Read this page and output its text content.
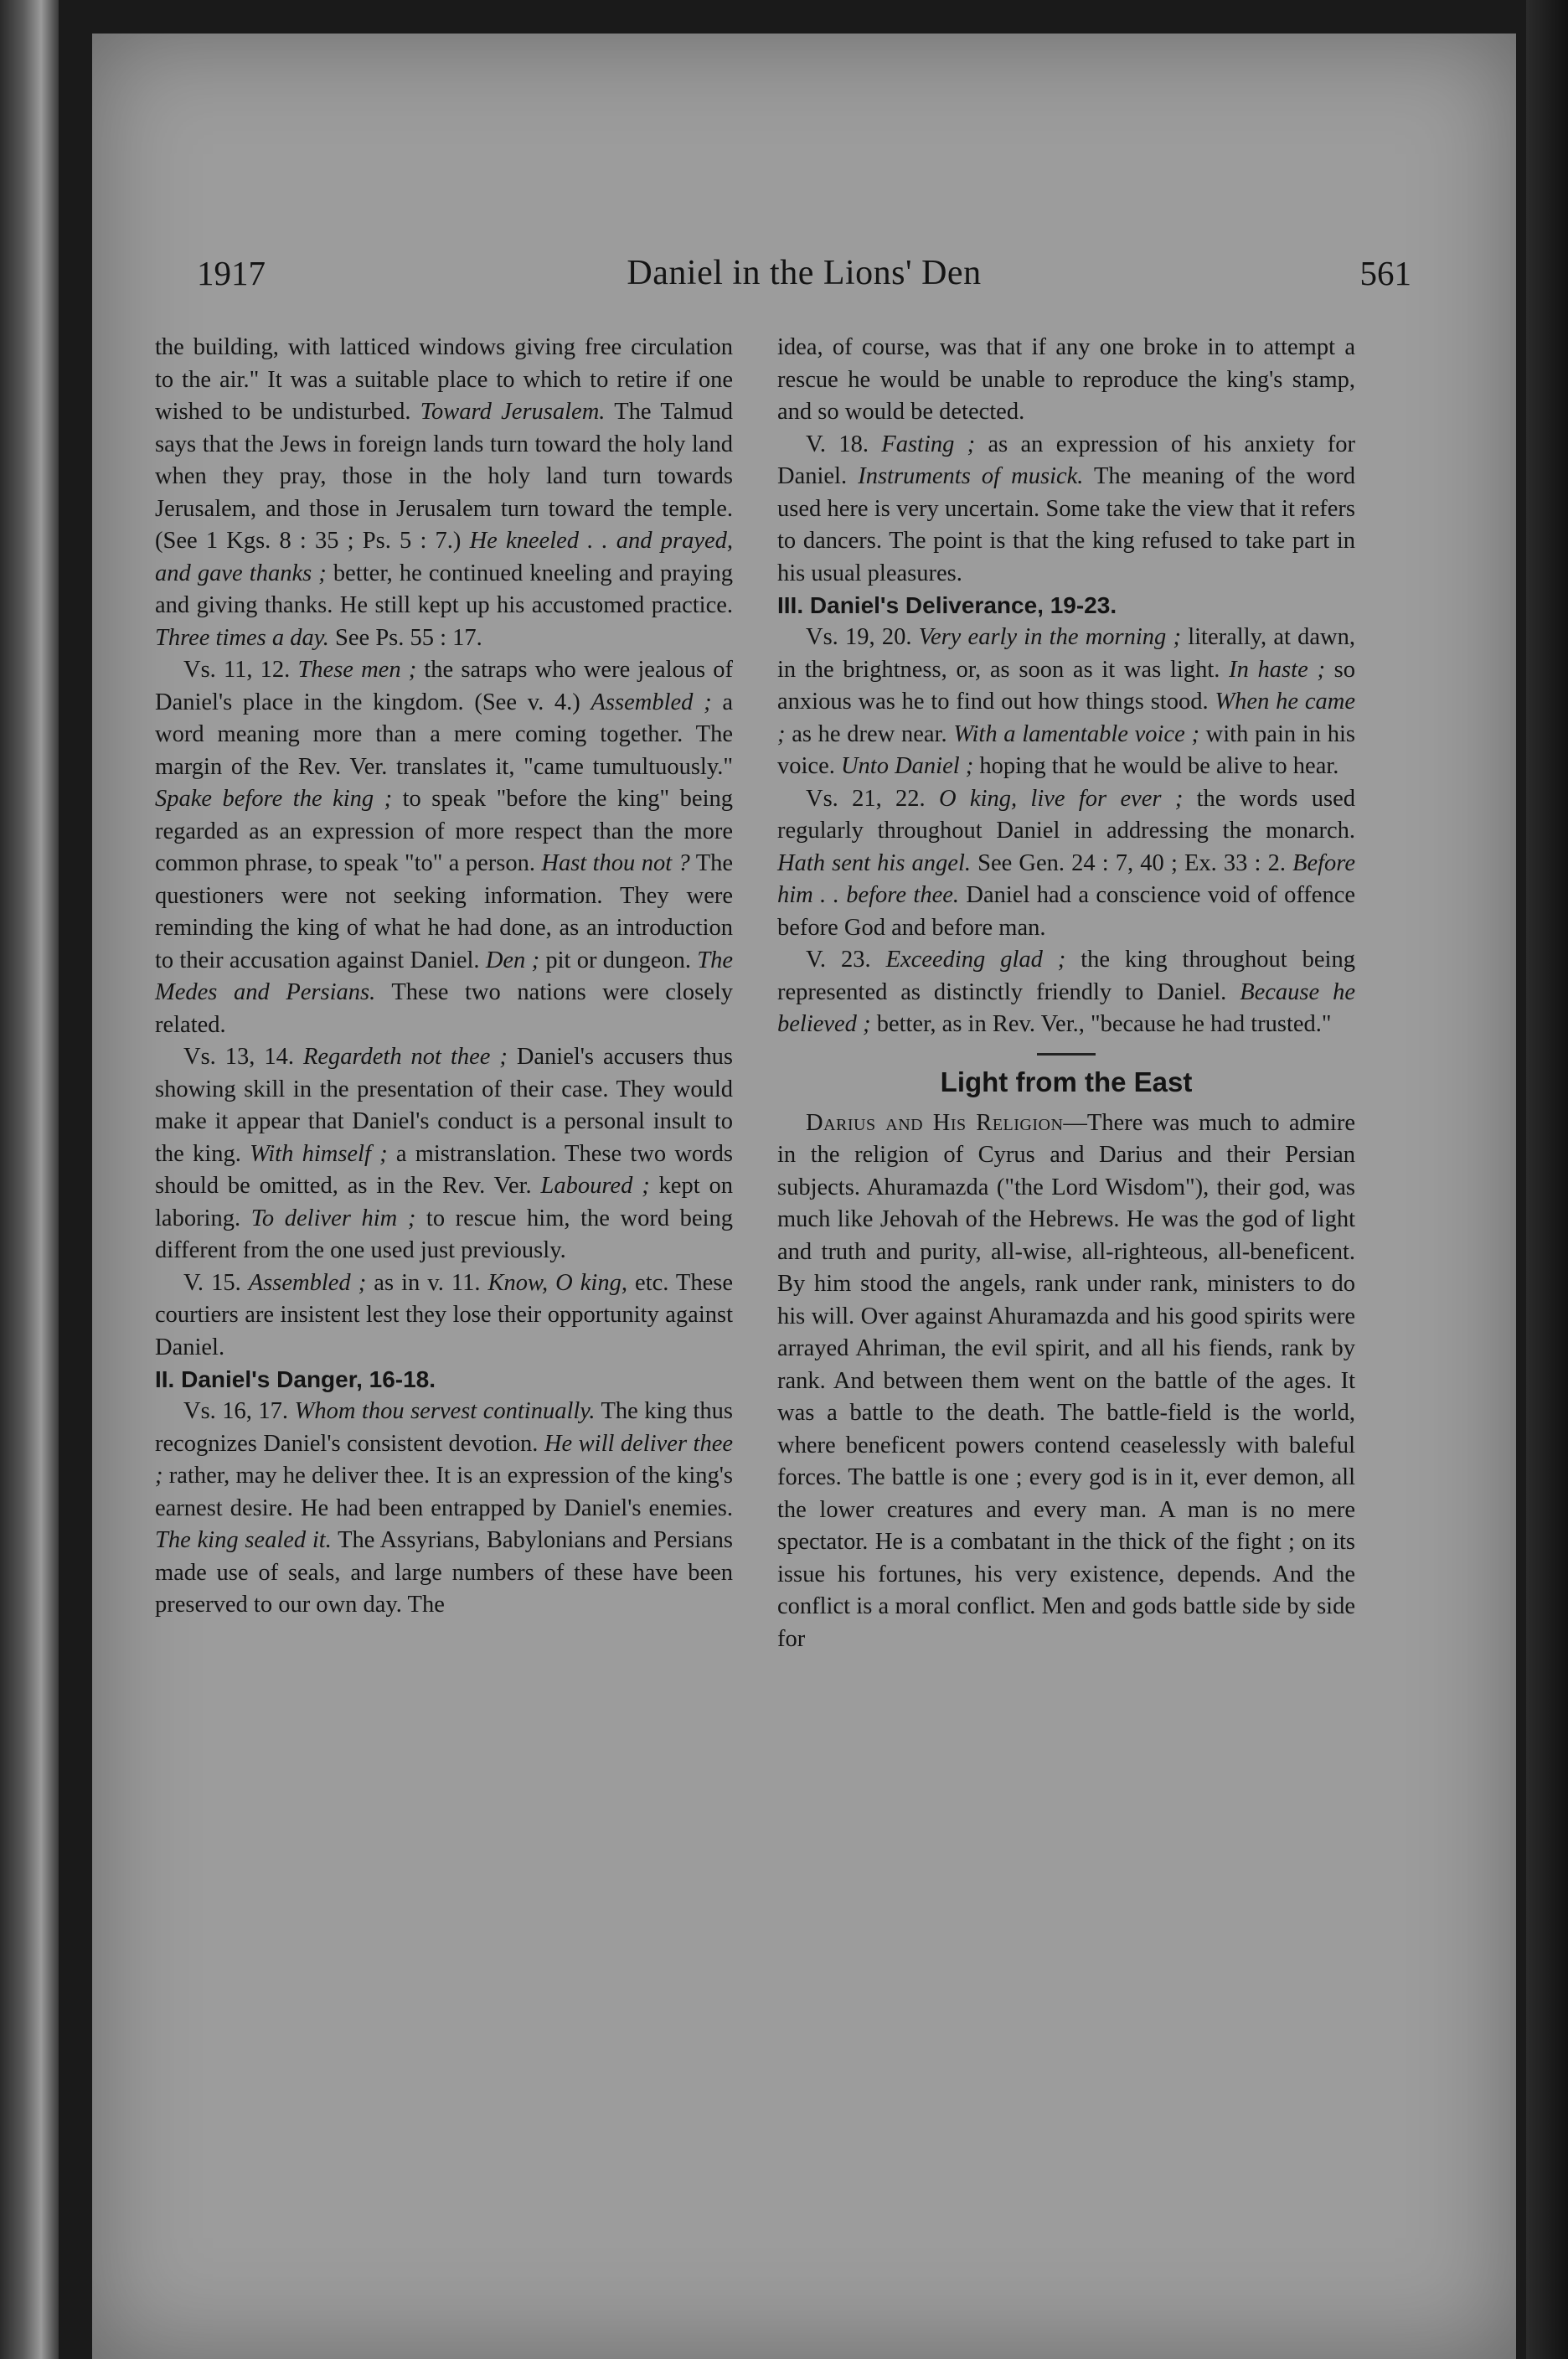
1917	Daniel in the Lions' Den	561

the building, with latticed windows giving free circulation to the air." It was a suitable place to which to retire if one wished to be undisturbed. Toward Jerusalem. The Talmud says that the Jews in foreign lands turn toward the holy land when they pray, those in the holy land turn towards Jerusalem, and those in Jerusalem turn toward the temple. (See 1 Kgs. 8 : 35 ; Ps. 5 : 7.) He kneeled . . and prayed, and gave thanks ; better, he continued kneeling and praying and giving thanks. He still kept up his accustomed practice. Three times a day. See Ps. 55 : 17.

Vs. 11, 12. These men ; the satraps who were jealous of Daniel's place in the kingdom. (See v. 4.) Assembled ; a word meaning more than a mere coming together. The margin of the Rev. Ver. translates it, "came tumultuously." Spake before the king ; to speak "before the king" being regarded as an expression of more respect than the more common phrase, to speak "to" a person. Hast thou not ? The questioners were not seeking information. They were reminding the king of what he had done, as an introduction to their accusation against Daniel. Den ; pit or dungeon. The Medes and Persians. These two nations were closely related.

Vs. 13, 14. Regardeth not thee ; Daniel's accusers thus showing skill in the presentation of their case. They would make it appear that Daniel's conduct is a personal insult to the king. With himself ; a mistranslation. These two words should be omitted, as in the Rev. Ver. Laboured ; kept on laboring. To deliver him ; to rescue him, the word being different from the one used just previously.

V. 15. Assembled ; as in v. 11. Know, O king, etc. These courtiers are insistent lest they lose their opportunity against Daniel.

II. Daniel's Danger, 16-18.

Vs. 16, 17. Whom thou servest continually. The king thus recognizes Daniel's consistent devotion. He will deliver thee ; rather, may he deliver thee. It is an expression of the king's earnest desire. He had been entrapped by Daniel's enemies. The king sealed it. The Assyrians, Babylonians and Persians made use of seals, and large numbers of these have been preserved to our own day. The

idea, of course, was that if any one broke in to attempt a rescue he would be unable to reproduce the king's stamp, and so would be detected.

V. 18. Fasting ; as an expression of his anxiety for Daniel. Instruments of musick. The meaning of the word used here is very uncertain. Some take the view that it refers to dancers. The point is that the king refused to take part in his usual pleasures.

III. Daniel's Deliverance, 19-23.

Vs. 19, 20. Very early in the morning ; literally, at dawn, in the brightness, or, as soon as it was light. In haste ; so anxious was he to find out how things stood. When he came ; as he drew near. With a lamentable voice ; with pain in his voice. Unto Daniel ; hoping that he would be alive to hear.

Vs. 21, 22. O king, live for ever ; the words used regularly throughout Daniel in addressing the monarch. Hath sent his angel. See Gen. 24 : 7, 40 ; Ex. 33 : 2. Before him . . before thee. Daniel had a conscience void of offence before God and before man.

V. 23. Exceeding glad ; the king throughout being represented as distinctly friendly to Daniel. Because he believed ; better, as in Rev. Ver., "because he had trusted."

Light from the East

Darius and His Religion—There was much to admire in the religion of Cyrus and Darius and their Persian subjects. Ahuramazda ("the Lord Wisdom"), their god, was much like Jehovah of the Hebrews. He was the god of light and truth and purity, all-wise, all-righteous, all-beneficent. By him stood the angels, rank under rank, ministers to do his will. Over against Ahuramazda and his good spirits were arrayed Ahriman, the evil spirit, and all his fiends, rank by rank. And between them went on the battle of the ages. It was a battle to the death. The battle-field is the world, where beneficent powers contend ceaselessly with baleful forces. The battle is one ; every god is in it, ever demon, all the lower creatures and every man. A man is no mere spectator. He is a combatant in the thick of the fight ; on its issue his fortunes, his very existence, depends. And the conflict is a moral conflict. Men and gods battle side by side for
